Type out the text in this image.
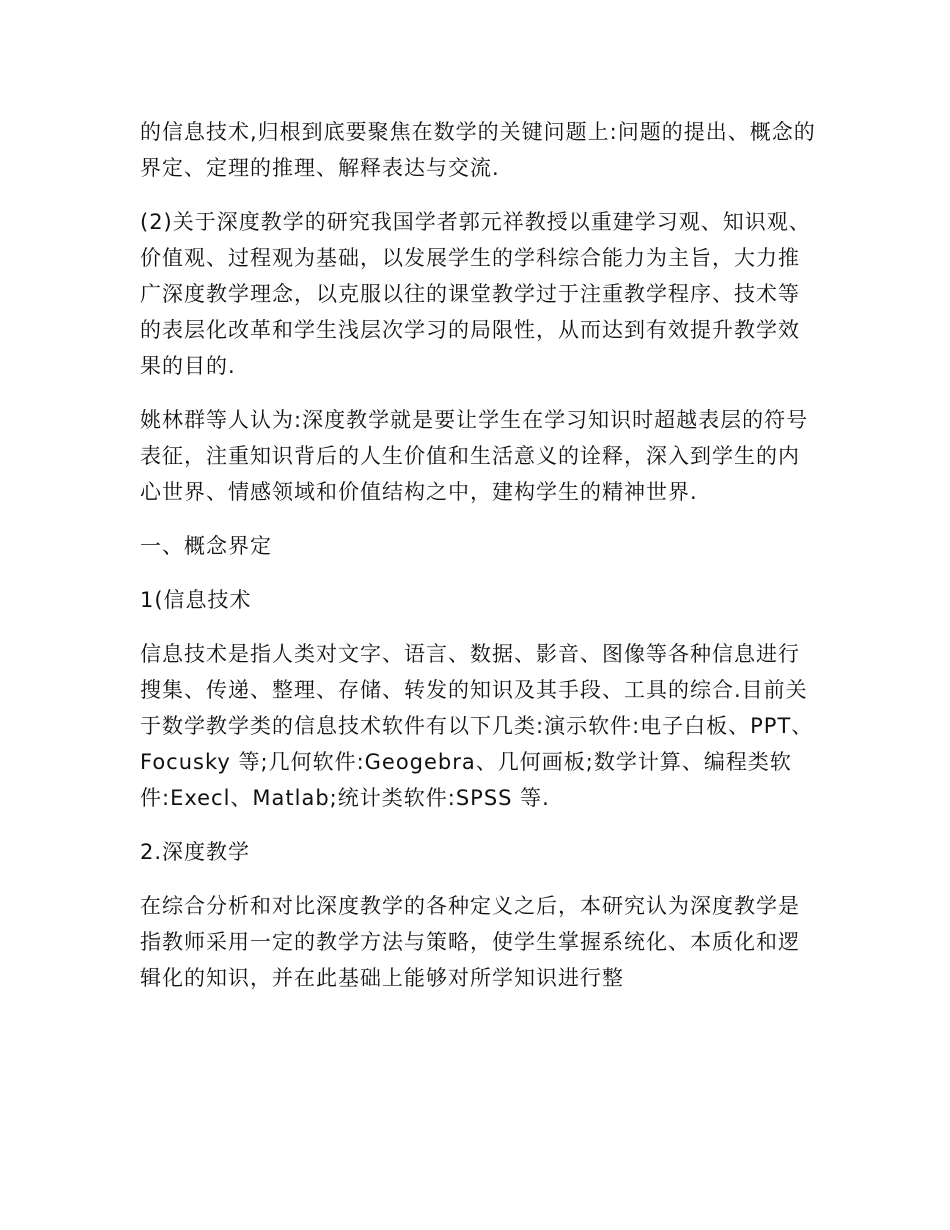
的信息技术,归根到底要聚焦在数学的关键问题上:问题的提出、概念的界定、定理的推理、解释表达与交流.

(2)关于深度教学的研究我国学者郭元祥教授以重建学习观、知识观、价值观、过程观为基础，以发展学生的学科综合能力为主旨，大力推广深度教学理念，以克服以往的课堂教学过于注重教学程序、技术等的表层化改革和学生浅层次学习的局限性，从而达到有效提升教学效果的目的.

姚林群等人认为:深度教学就是要让学生在学习知识时超越表层的符号表征，注重知识背后的人生价值和生活意义的诠释，深入到学生的内心世界、情感领域和价值结构之中，建构学生的精神世界.

一、概念界定

1(信息技术

信息技术是指人类对文字、语言、数据、影音、图像等各种信息进行搜集、传递、整理、存储、转发的知识及其手段、工具的综合.目前关于数学教学类的信息技术软件有以下几类:演示软件:电子白板、PPT、Focusky 等;几何软件:Geogebra、几何画板;数学计算、编程类软件:Execl、Matlab;统计类软件:SPSS 等.

2.深度教学

在综合分析和对比深度教学的各种定义之后，本研究认为深度教学是指教师采用一定的教学方法与策略，使学生掌握系统化、本质化和逻辑化的知识，并在此基础上能够对所学知识进行整
